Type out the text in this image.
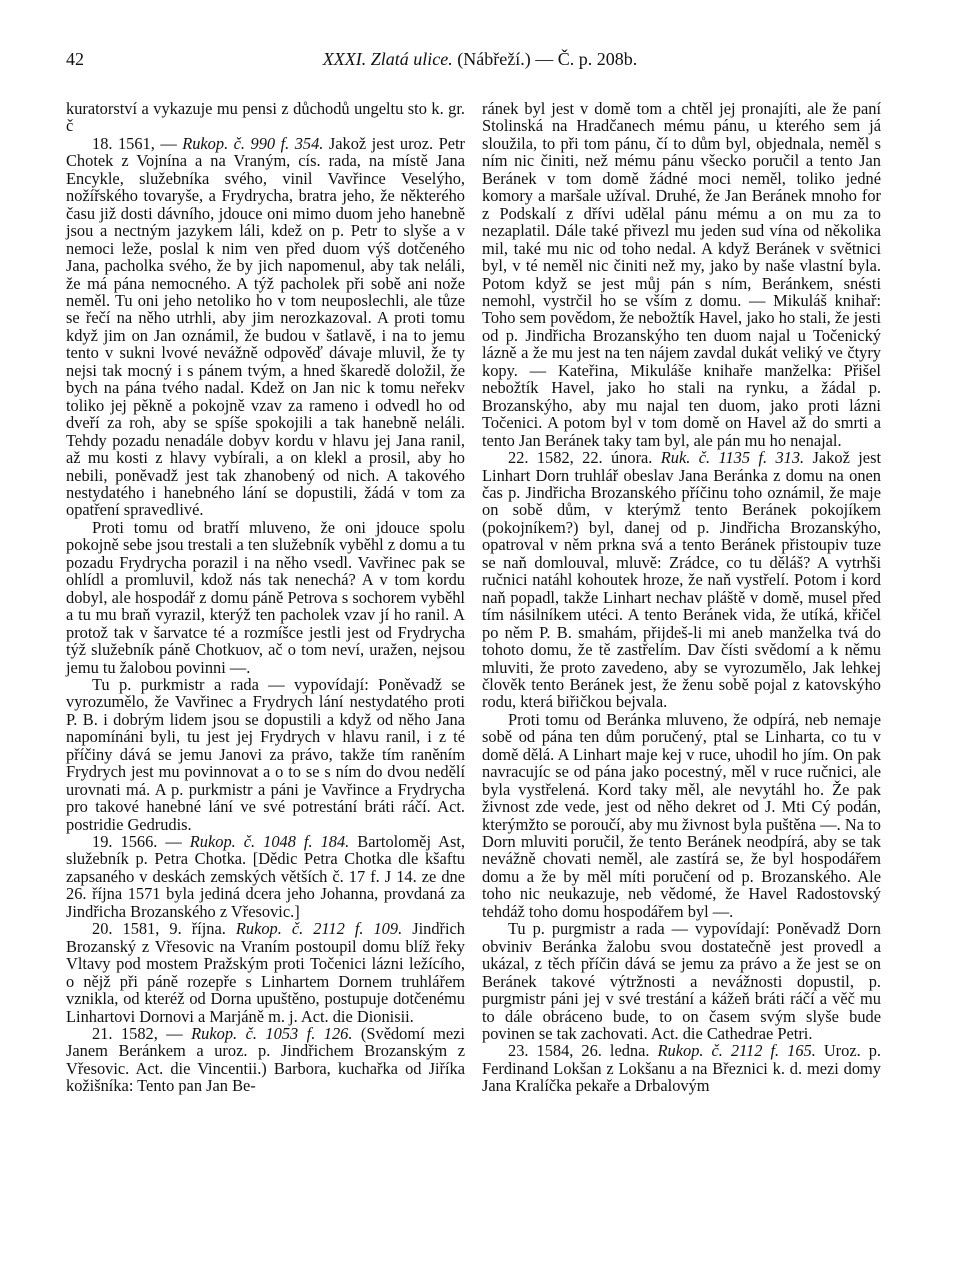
42	XXXI. Zlatá ulice. (Nábřeží.) — Č. p. 208b.

kuratorství a vykazuje mu pensi z důchodů ungeltu sto k. gr. č

18. 1561, — Rukop. č. 990 f. 354. Jakož jest uroz. Petr Chotek z Vojnína a na Vraným, cís. rada, na místě Jana Encykle, služebníka svého, vinil Vavřince Veselýho, nožířského tovaryše, a Frydrycha, bratra jeho, že některého času již dosti dávního, jdouce oni mimo duom jeho hanebně jsou a nectným jazykem láli, kdež on p. Petr to slyše a v nemoci leže, poslal k nim ven před duom výš dotčeného Jana, pacholka svého, že by jich napomenul, aby tak neláli, že má pána nemocného. A týž pacholek při sobě ani nože neměl. Tu oni jeho netoliko ho v tom neuposlechli, ale tůze se řečí na něho utrhli, aby jim nerozkazoval. A proti tomu když jim on Jan oznámil, že budou v šatlavě, i na to jemu tento v sukni lvové nevážně odpověď dávaje mluvil, že ty nejsi tak mocný i s pánem tvým, a hned škaredě doložil, že bych na pána tvého nadal. Kdež on Jan nic k tomu neřekv toliko jej pěkně a pokojně vzav za rameno i odvedl ho od dveří za roh, aby se spíše spokojili a tak hanebně neláli. Tehdy pozadu nenadále dobyv kordu v hlavu jej Jana ranil, až mu kosti z hlavy vybírali, a on klekl a prosil, aby ho nebili, poněvadž jest tak zhanobený od nich. A takového nestydatého i hanebného lání se dopustili, žádá v tom za opatření spravedlivé.

Proti tomu od bratří mluveno, že oni jdouce spolu pokojně sebe jsou trestali a ten služebník vyběhl z domu a tu pozadu Frydrycha porazil i na něho vsedl. Vavřinec pak se ohlídl a promluvil, kdož nás tak nenechá? A v tom kordu dobyl, ale hospodář z domu páně Petrova s sochorem vyběhl a tu mu braň vyrazil, kterýž ten pacholek vzav jí ho ranil. A protož tak v šarvatce té a rozmíšce jestli jest od Frydrycha týž služebník páně Chotkuov, ač o tom neví, uražen, nejsou jemu tu žalobou povinni —.

Tu p. purkmistr a rada — vypovídají: Poněvadž se vyrozumělo, že Vavřinec a Frydrych lání nestydatého proti P. B. i dobrým lidem jsou se dopustili a když od něho Jana napomínáni byli, tu jest jej Frydrych v hlavu ranil, i z té příčiny dává se jemu Janovi za právo, takže tím raněním Frydrych jest mu povinnovat a o to se s ním do dvou nedělí urovnati má. A p. purkmistr a páni je Vavřince a Frydrycha pro takové hanebné lání ve své potrestání bráti ráčí. Act. postridie Gedrudis.

19. 1566. — Rukop. č. 1048 f. 184. Bartoloměj Ast, služebník p. Petra Chotka. [Dědic Petra Chotka dle kšaftu zapsaného v deskách zemských větších č. 17 f. J 14. ze dne 26. října 1571 byla jediná dcera jeho Johanna, provdaná za Jindřicha Brozanského z Vřesovic.]

20. 1581, 9. října. Rukop. č. 2112 f. 109. Jindřich Brozanský z Vřesovic na Vraním postoupil domu blíž řeky Vltavy pod mostem Pražským proti Točenici lázni ležícího, o nějž při páně rozepře s Linhartem Dornem truhlářem vznikla, od kteréž od Dorna upuštěno, postupuje dotčenému Linhartovi Dornovi a Marjáně m. j. Act. die Dionisii.

21. 1582, — Rukop. č. 1053 f. 126. (Svědomí mezi Janem Beránkem a uroz. p. Jindřichem Brozanským z Vřesovic. Act. die Vincentii.) Barbora, kuchařka od Jiříka kožišníka: Tento pan Jan Be-

ránek byl jest v domě tom a chtěl jej pronajíti, ale že paní Stolinská na Hradčanech mému pánu, u kterého sem já sloužila, to při tom pánu, čí to dům byl, objednala, neměl s ním nic činiti, než mému pánu všecko poručil a tento Jan Beránek v tom domě žádné moci neměl, toliko jedné komory a maršale užíval. Druhé, že Jan Beránek mnoho for z Podskalí z dřívi udělal pánu mému a on mu za to nezaplatil. Dále také přivezl mu jeden sud vína od několika mil, také mu nic od toho nedal. A když Beránek v světnici byl, v té neměl nic činiti než my, jako by naše vlastní byla. Potom když se jest můj pán s ním, Beránkem, snésti nemohl, vystrčil ho se vším z domu. — Mikuláš knihař: Toho sem povědom, že nebožtík Havel, jako ho stali, že jesti od p. Jindřicha Brozanskýho ten duom najal u Točenický lázně a že mu jest na ten nájem zavdal dukát veliký ve čtyry kopy. — Kateřina, Mikuláše knihaře manželka: Přišel nebožtík Havel, jako ho stali na rynku, a žádal p. Brozanskýho, aby mu najal ten duom, jako proti lázni Točenici. A potom byl v tom domě on Havel až do smrti a tento Jan Beránek taky tam byl, ale pán mu ho nenajal.

22. 1582, 22. února. Ruk. č. 1135 f. 313. Jakož jest Linhart Dorn truhlář obeslav Jana Beránka z domu na onen čas p. Jindřicha Brozanského příčinu toho oznámil, že maje on sobě dům, v kterýmž tento Beránek pokojíkem (pokojníkem?) byl, danej od p. Jindřicha Brozanskýho, opatroval v něm prkna svá a tento Beránek přistoupiv tuze se naň domlouval, mluvě: Zrádce, co tu děláš? A vytrhši ručnici natáhl kohoutek hroze, že naň vystřelí. Potom i kord naň popadl, takže Linhart nechav pláště v domě, musel před tím násilníkem utéci. A tento Beránek vida, že utíká, křičel po něm P. B. smahám, přijdeš-li mi aneb manželka tvá do tohoto domu, že tě zastřelím. Dav čísti svědomí a k němu mluviti, že proto zavedeno, aby se vyrozumělo, Jak lehkej člověk tento Beránek jest, že ženu sobě pojal z katovskýho rodu, která biřičkou bejvala.

Proti tomu od Beránka mluveno, že odpírá, neb nemaje sobě od pána ten dům poručený, ptal se Linharta, co tu v domě dělá. A Linhart maje kej v ruce, uhodil ho jím. On pak navracujíc se od pána jako pocestný, měl v ruce ručnici, ale byla vystřelená. Kord taky měl, ale nevytáhl ho. Že pak živnost zde vede, jest od něho dekret od J. Mti Cý podán, kterýmžto se poroučí, aby mu živnost byla puštěna —. Na to Dorn mluviti poručil, že tento Beránek neodpírá, aby se tak nevážně chovati neměl, ale zastírá se, že byl hospodářem domu a že by měl míti poručení od p. Brozanského. Ale toho nic neukazuje, neb vědomé, že Havel Radostovský tehdáž toho domu hospodářem byl —.

Tu p. purgmistr a rada — vypovídají: Poněvadž Dorn obviniv Beránka žalobu svou dostatečně jest provedl a ukázal, z těch příčin dává se jemu za právo a že jest se on Beránek takové výtržnosti a nevážnosti dopustil, p. purgmistr páni jej v své trestání a kážeň bráti ráčí a věč mu to dále obráceno bude, to on časem svým slyše bude povinen se tak zachovati. Act. die Cathedrae Petri.

23. 1584, 26. ledna. Rukop. č. 2112 f. 165. Uroz. p. Ferdinand Lokšan z Lokšanu a na Březnici k. d. mezi domy Jana Kralíčka pekaře a Drbalovým
